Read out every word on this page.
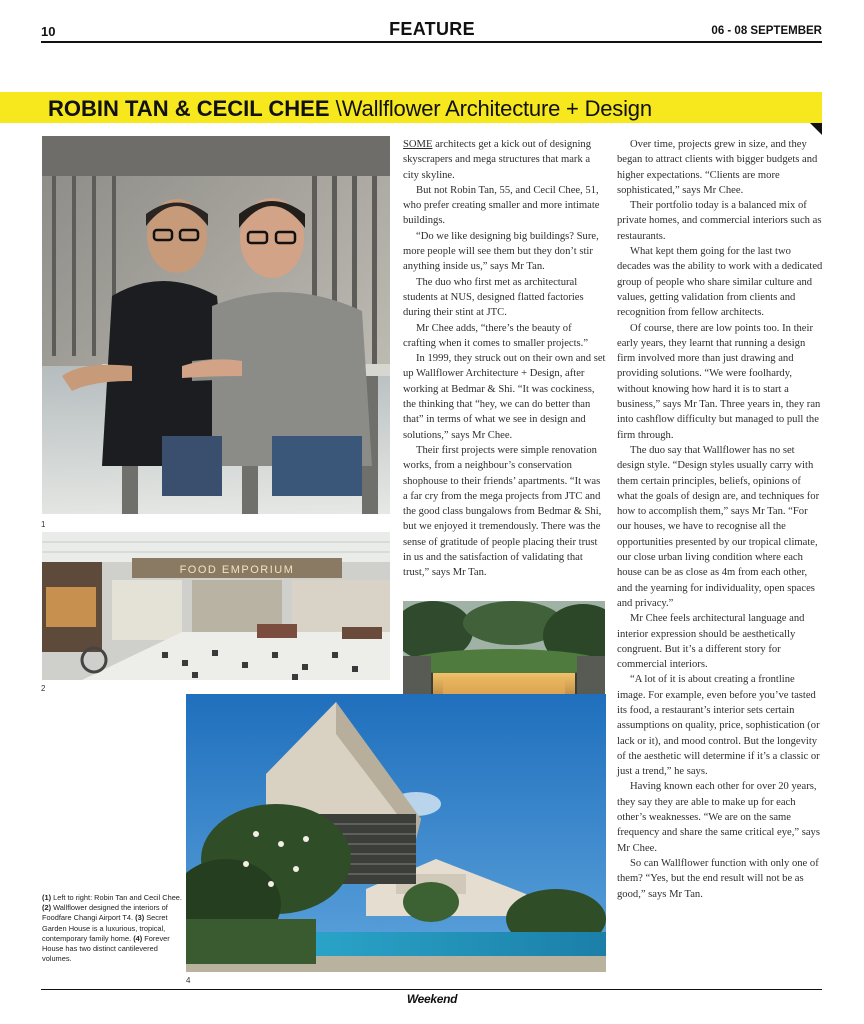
10	FEATURE	06 - 08 SEPTEMBER
ROBIN TAN & CECIL CHEE \Wallflower Architecture + Design
1
FOOD EMPORIUM
2
4
(1) Left to right: Robin Tan and Cecil Chee. (2) Wallflower designed the interiors of Foodfare Changi Airport T4. (3) Secret Garden House is a luxurious, tropical, contemporary family home. (4) Forever House has two distinct cantilevered volumes.

SOME architects get a kick out of designing skyscrapers and mega structures that mark a city skyline.

But not Robin Tan, 55, and Cecil Chee, 51, who prefer creating smaller and more intimate buildings.

“Do we like designing big buildings? Sure, more people will see them but they don’t stir anything inside us,” says Mr Tan.

The duo who first met as architectural students at NUS, designed flatted factories during their stint at JTC.

Mr Chee adds, “there’s the beauty of crafting when it comes to smaller projects.”

In 1999, they struck out on their own and set up Wallflower Architecture + Design, after working at Bedmar & Shi. “It was cockiness, the thinking that “hey, we can do better than that” in terms of what we see in design and solutions,” says Mr Chee.

Their first projects were simple renovation works, from a neighbour’s conservation shophouse to their friends’ apartments. “It was a far cry from the mega projects from JTC and the good class bungalows from Bedmar & Shi, but we enjoyed it tremendously. There was the sense of gratitude of people placing their trust in us and the satisfaction of validating that trust,” says Mr Tan.

Over time, projects grew in size, and they began to attract clients with bigger budgets and higher expectations. “Clients are more sophisticated,” says Mr Chee.

Their portfolio today is a balanced mix of private homes, and commercial interiors such as restaurants.

What kept them going for the last two decades was the ability to work with a dedicated group of people who share similar culture and values, getting validation from clients and recognition from fellow architects.

Of course, there are low points too. In their early years, they learnt that running a design firm involved more than just drawing and providing solutions. “We were foolhardy, without knowing how hard it is to start a business,” says Mr Tan. Three years in, they ran into cashflow difficulty but managed to pull the firm through.

The duo say that Wallflower has no set design style. “Design styles usually carry with them certain principles, beliefs, opinions of what the goals of design are, and techniques for how to accomplish them,” says Mr Tan. “For our houses, we have to recognise all the opportunities presented by our tropical climate, our close urban living condition where each house can be as close as 4m from each other, and the yearning for individuality, open spaces and privacy.”

Mr Chee feels architectural language and interior expression should be aesthetically congruent. But it’s a different story for commercial interiors.

“A lot of it is about creating a frontline image. For example, even before you’ve tasted its food, a restaurant’s interior sets certain assumptions on quality, price, sophistication (or lack or it), and mood control. But the longevity of the aesthetic will determine if it’s a classic or just a trend,” he says.

Having known each other for over 20 years, they say they are able to make up for each other’s weaknesses. “We are on the same frequency and share the same critical eye,” says Mr Chee.

So can Wallflower function with only one of them? “Yes, but the end result will not be as good,” says Mr Tan.

Weekend
